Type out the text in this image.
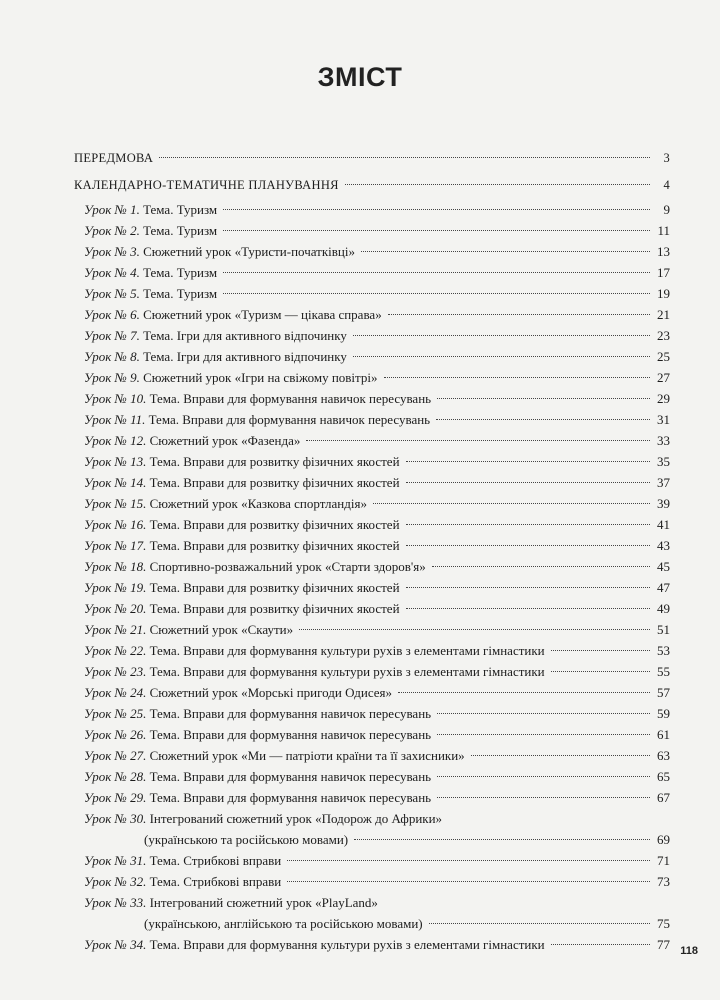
ЗМІСТ
ПЕРЕДМОВА	3
КАЛЕНДАРНО-ТЕМАТИЧНЕ ПЛАНУВАННЯ	4
Урок № 1. Тема. Туризм	9
Урок № 2. Тема. Туризм	11
Урок № 3. Сюжетний урок «Туристи-початківці»	13
Урок № 4. Тема. Туризм	17
Урок № 5. Тема. Туризм	19
Урок № 6. Сюжетний урок «Туризм — цікава справа»	21
Урок № 7. Тема. Ігри для активного відпочинку	23
Урок № 8. Тема. Ігри для активного відпочинку	25
Урок № 9. Сюжетний урок «Ігри на свіжому повітрі»	27
Урок № 10. Тема. Вправи для формування навичок пересувань	29
Урок № 11. Тема. Вправи для формування навичок пересувань	31
Урок № 12. Сюжетний урок «Фазенда»	33
Урок № 13. Тема. Вправи для розвитку фізичних якостей	35
Урок № 14. Тема. Вправи для розвитку фізичних якостей	37
Урок № 15. Сюжетний урок «Казкова спортландія»	39
Урок № 16. Тема. Вправи для розвитку фізичних якостей	41
Урок № 17. Тема. Вправи для розвитку фізичних якостей	43
Урок № 18. Спортивно-розважальний урок «Старти здоров'я»	45
Урок № 19. Тема. Вправи для розвитку фізичних якостей	47
Урок № 20. Тема. Вправи для розвитку фізичних якостей	49
Урок № 21. Сюжетний урок «Скаути»	51
Урок № 22. Тема. Вправи для формування культури рухів з елементами гімнастики	53
Урок № 23. Тема. Вправи для формування культури рухів з елементами гімнастики	55
Урок № 24. Сюжетний урок «Морські пригоди Одисея»	57
Урок № 25. Тема. Вправи для формування навичок пересувань	59
Урок № 26. Тема. Вправи для формування навичок пересувань	61
Урок № 27. Сюжетний урок «Ми — патріоти країни та її захисники»	63
Урок № 28. Тема. Вправи для формування навичок пересувань	65
Урок № 29. Тема. Вправи для формування навичок пересувань	67
Урок № 30. Інтегрований сюжетний урок «Подорож до Африки»
(українською та російською мовами)	69
Урок № 31. Тема. Стрибкові вправи	71
Урок № 32. Тема. Стрибкові вправи	73
Урок № 33. Інтегрований сюжетний урок «PlayLand»
(українською, англійською та російською мовами)	75
Урок № 34. Тема. Вправи для формування культури рухів з елементами гімнастики	77 118
